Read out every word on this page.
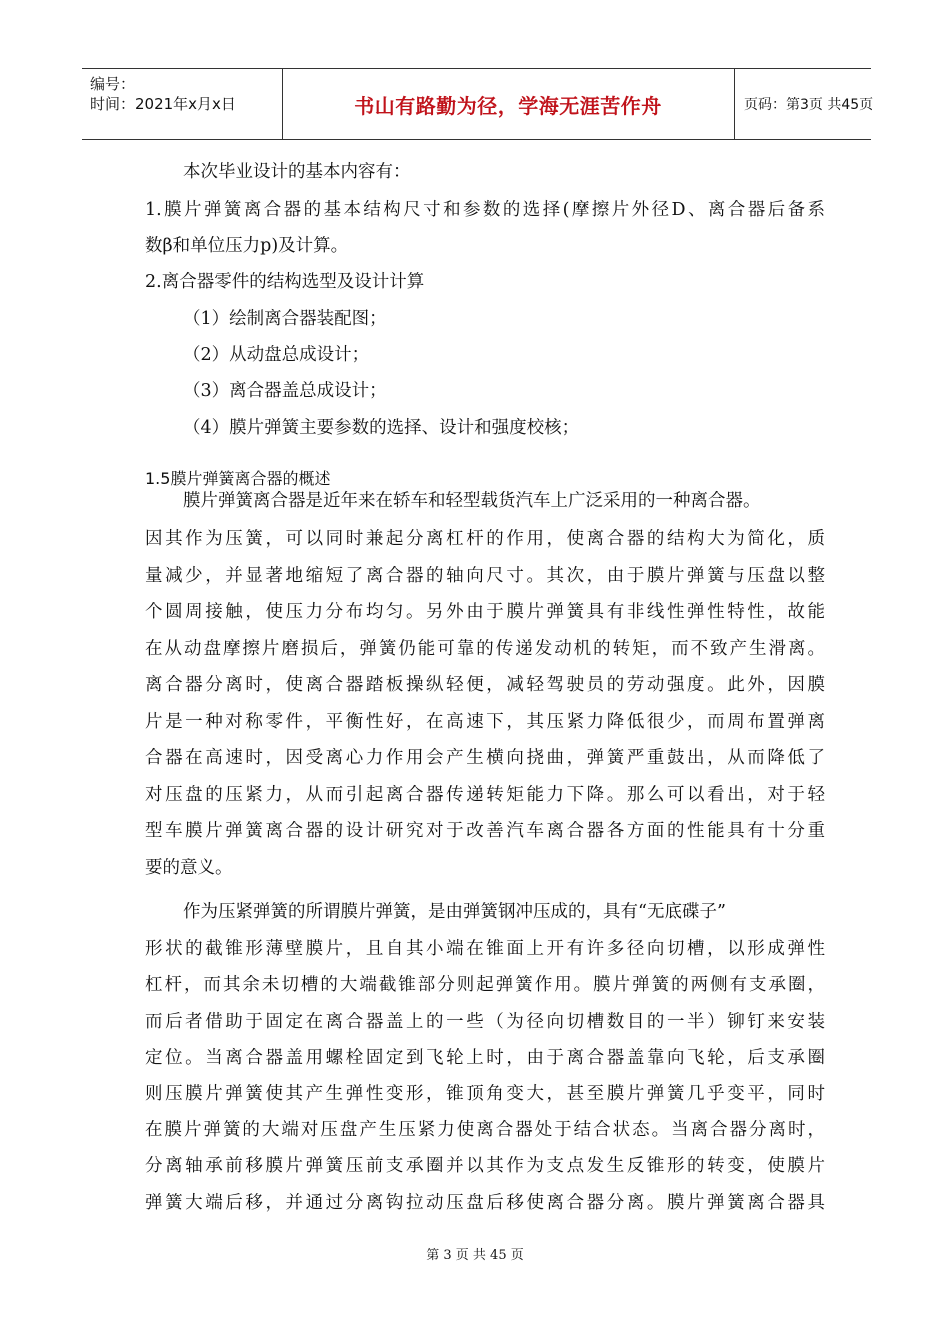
编号：
时间：2021年x月x日	书山有路勤为径，学海无涯苦作舟	页码：第3页 共45页
本次毕业设计的基本内容有：
1.膜片弹簧离合器的基本结构尺寸和参数的选择(摩擦片外径D、离合器后备系
数β和单位压力p)及计算。
2.离合器零件的结构选型及设计计算
（1）绘制离合器装配图；
（2）从动盘总成设计；
（3）离合器盖总成设计；
（4）膜片弹簧主要参数的选择、设计和强度校核；
1.5膜片弹簧离合器的概述
膜片弹簧离合器是近年来在轿车和轻型载货汽车上广泛采用的一种离合器。
因其作为压簧，可以同时兼起分离杠杆的作用，使离合器的结构大为简化，质
量减少，并显著地缩短了离合器的轴向尺寸。其次，由于膜片弹簧与压盘以整
个圆周接触，使压力分布均匀。另外由于膜片弹簧具有非线性弹性特性，故能
在从动盘摩擦片磨损后，弹簧仍能可靠的传递发动机的转矩，而不致产生滑离。
离合器分离时，使离合器踏板操纵轻便，减轻驾驶员的劳动强度。此外，因膜
片是一种对称零件，平衡性好，在高速下，其压紧力降低很少，而周布置弹离
合器在高速时，因受离心力作用会产生横向挠曲，弹簧严重鼓出，从而降低了
对压盘的压紧力，从而引起离合器传递转矩能力下降。那么可以看出，对于轻
型车膜片弹簧离合器的设计研究对于改善汽车离合器各方面的性能具有十分重
要的意义。
作为压紧弹簧的所谓膜片弹簧，是由弹簧钢冲压成的，具有“无底碟子”
形状的截锥形薄壁膜片，且自其小端在锥面上开有许多径向切槽，以形成弹性
杠杆，而其余未切槽的大端截锥部分则起弹簧作用。膜片弹簧的两侧有支承圈，
而后者借助于固定在离合器盖上的一些（为径向切槽数目的一半）铆钉来安装
定位。当离合器盖用螺栓固定到飞轮上时，由于离合器盖靠向飞轮，后支承圈
则压膜片弹簧使其产生弹性变形，锥顶角变大，甚至膜片弹簧几乎变平，同时
在膜片弹簧的大端对压盘产生压紧力使离合器处于结合状态。当离合器分离时，
分离轴承前移膜片弹簧压前支承圈并以其作为支点发生反锥形的转变，使膜片
弹簧大端后移，并通过分离钩拉动压盘后移使离合器分离。膜片弹簧离合器具
第 3 页 共 45 页
